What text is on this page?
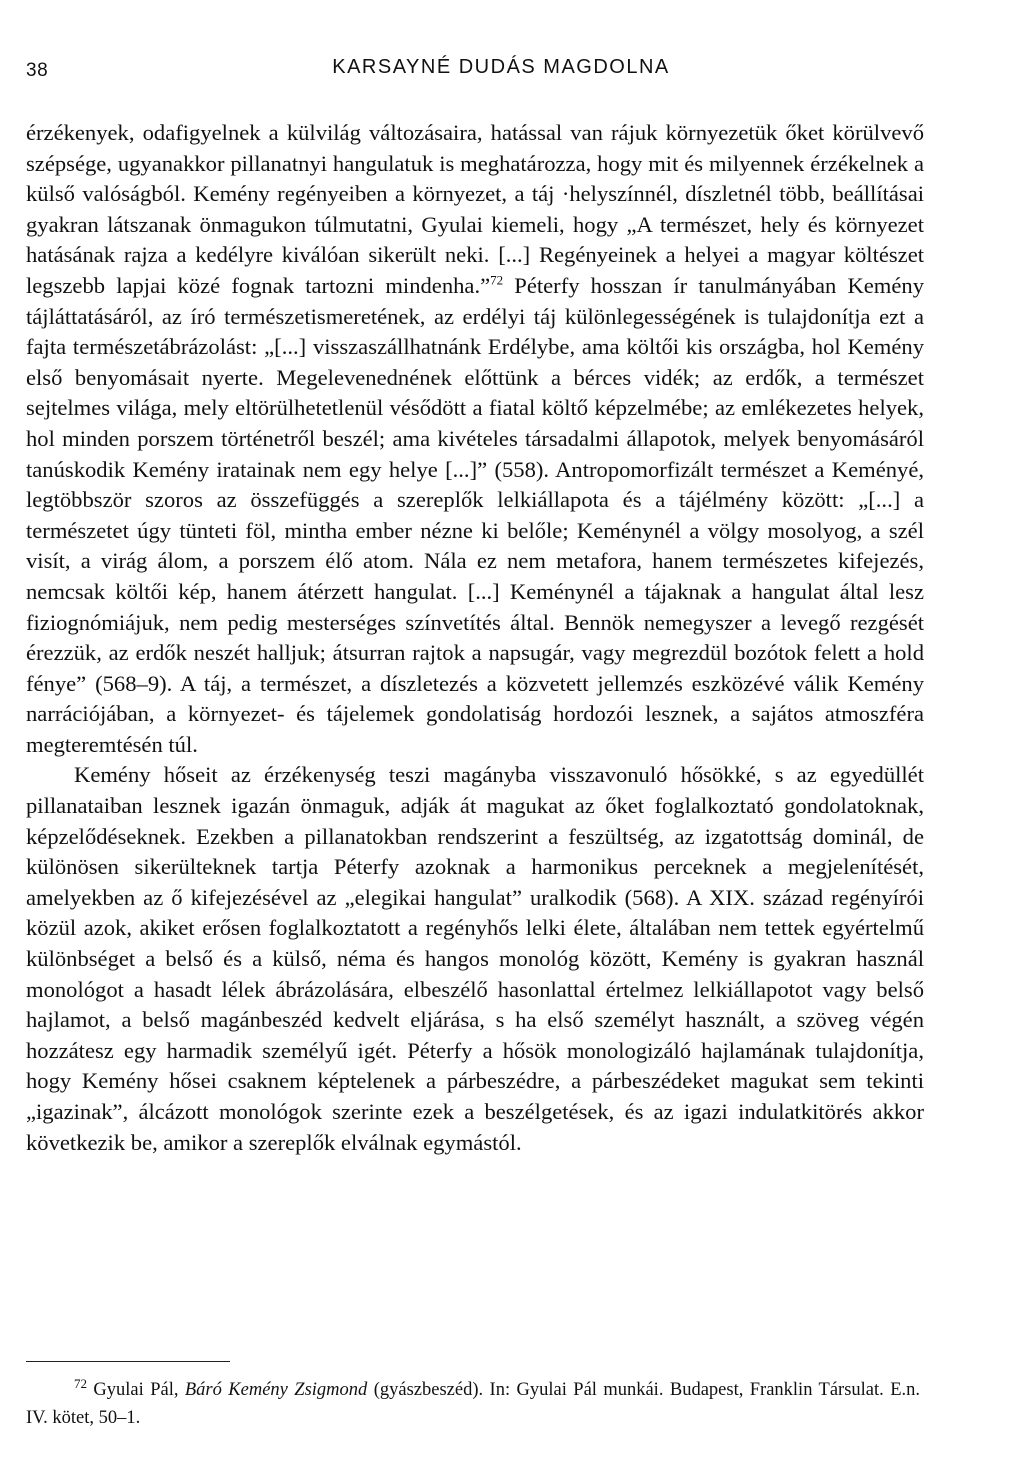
38	KARSAYNÉ DUDÁS MAGDOLNA

érzékenyek, odafigyelnek a külvilág változásaira, hatással van rájuk környezetük őket körülvevő szépsége, ugyanakkor pillanatnyi hangulatuk is meghatározza, hogy mit és milyennek érzékelnek a külső valóságból. Kemény regényeiben a környezet, a táj ·helyszínnél, díszletnél több, beállításai gyakran látszanak önmagukon túlmutatni, Gyulai kiemeli, hogy „A természet, hely és környezet hatásának rajza a kedélyre kiválóan sikerült neki. [...] Regényeinek a helyei a magyar költészet legszebb lapjai közé fognak tartozni mindenha.”$^{72}$ Péterfy hosszan ír tanulmányában Kemény tájláttatásáról, az író természetismeretének, az erdélyi táj különlegességének is tulajdonítja ezt a fajta természetábrázolást: „[...] visszaszállhatnánk Erdélybe, ama költői kis országba, hol Kemény első benyomásait nyerte. Megelevenednének előttünk a bérces vidék; az erdők, a természet sejtelmes világa, mely eltörülhetetlenül vésődött a fiatal költő képzelmébe; az emlékezetes helyek, hol minden porszem történetről beszél; ama kivételes társadalmi állapotok, melyek benyomásáról tanúskodik Kemény iratainak nem egy helye [...]” (558). Antropomorfizált természet a Keményé, legtöbbször szoros az összefüggés a szereplők lelkiállapota és a tájélmény között: „[...] a természetet úgy tünteti föl, mintha ember nézne ki belőle; Keménynél a völgy mosolyog, a szél visít, a virág álom, a porszem élő atom. Nála ez nem metafora, hanem természetes kifejezés, nemcsak költői kép, hanem átérzett hangulat. [...] Keménynél a tájaknak a hangulat által lesz fiziognómiájuk, nem pedig mesterséges színvetítés által. Bennök nemegyszer a levegő rezgését érezzük, az erdők neszét halljuk; átsurran rajtok a napsugár, vagy megrezdül bozótok felett a hold fénye” (568–9). A táj, a természet, a díszletezés a közvetett jellemzés eszközévé válik Kemény narrációjában, a környezet- és tájelemek gondolatiság hordozói lesznek, a sajátos atmoszféra megteremtésén túl.

Kemény hőseit az érzékenység teszi magányba visszavonuló hősökké, s az egyedüllét pillanataiban lesznek igazán önmaguk, adják át magukat az őket foglalkoztató gondolatoknak, képzelődéseknek. Ezekben a pillanatokban rendszerint a feszültség, az izgatottság dominál, de különösen sikerülteknek tartja Péterfy azoknak a harmonikus perceknek a megjelenítését, amelyekben az ő kifejezésével az „elegikai hangulat” uralkodik (568). A XIX. század regényírói közül azok, akiket erősen foglalkoztatott a regényhős lelki élete, általában nem tettek egyértelmű különbséget a belső és a külső, néma és hangos monológ között, Kemény is gyakran használ monológot a hasadt lélek ábrázolására, elbeszélő hasonlattal értelmez lelkiállapotot vagy belső hajlamot, a belső magánbeszéd kedvelt eljárása, s ha első személyt használt, a szöveg végén hozzátesz egy harmadik személyű igét. Péterfy a hősök monologizáló hajlamának tulajdonítja, hogy Kemény hősei csaknem képtelenek a párbeszédre, a párbeszédeket magukat sem tekinti „igazinak”, álcázott monológok szerinte ezek a beszélgetések, és az igazi indulatkitörés akkor következik be, amikor a szereplők elválnak egymástól.

$^{72}$ Gyulai Pál, Báró Kemény Zsigmond (gyászbeszéd). In: Gyulai Pál munkái. Budapest, Franklin Társulat. E.n. IV. kötet, 50–1.
